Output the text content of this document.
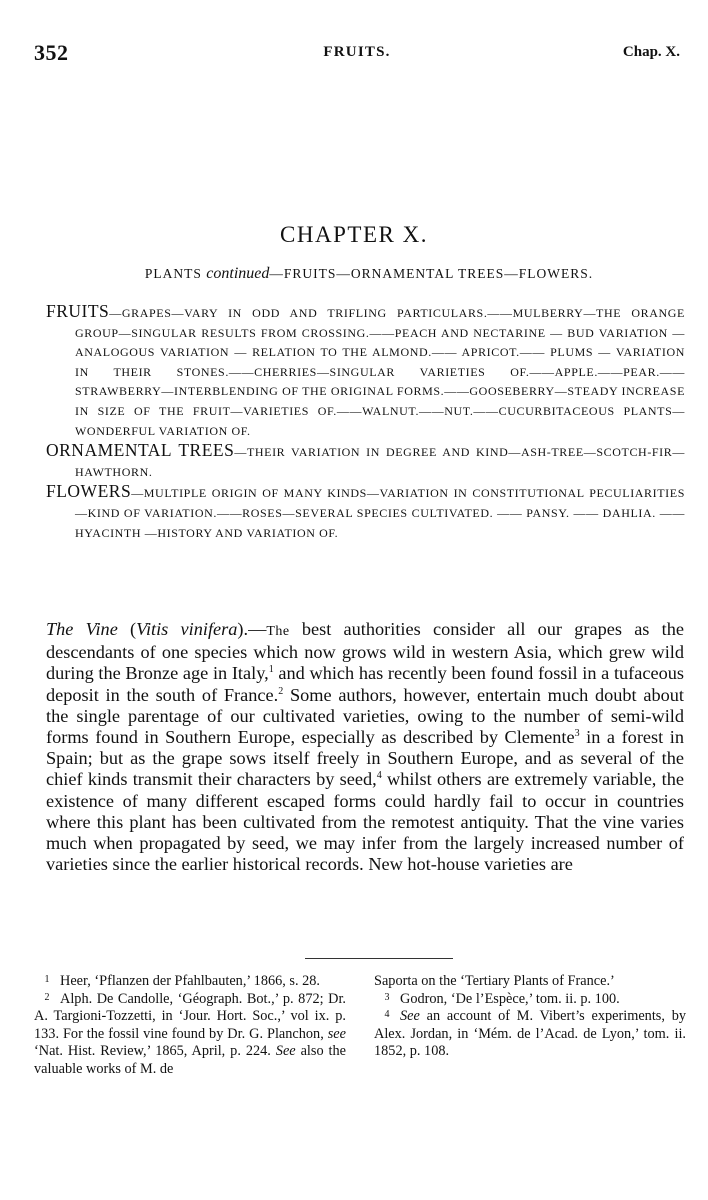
352	FRUITS.	Chap. X.
CHAPTER X.
PLANTS continued—FRUITS—ORNAMENTAL TREES—FLOWERS.
FRUITS—GRAPES—VARY IN ODD AND TRIFLING PARTICULARS.——MULBERRY—THE ORANGE GROUP—SINGULAR RESULTS FROM CROSSING.——PEACH AND NECTARINE — BUD VARIATION — ANALOGOUS VARIATION — RELATION TO THE ALMOND.—— APRICOT.—— PLUMS — VARIATION IN THEIR STONES.——CHERRIES—SINGULAR VARIETIES OF.——APPLE.——PEAR.——STRAWBERRY—INTERBLENDING OF THE ORIGINAL FORMS.——GOOSEBERRY—STEADY INCREASE IN SIZE OF THE FRUIT—VARIETIES OF.——WALNUT.——NUT.——CUCURBITACEOUS PLANTS—WONDERFUL VARIATION OF.
ORNAMENTAL TREES—THEIR VARIATION IN DEGREE AND KIND—ASH-TREE—SCOTCH-FIR—HAWTHORN.
FLOWERS—MULTIPLE ORIGIN OF MANY KINDS—VARIATION IN CONSTITUTIONAL PECULIARITIES—KIND OF VARIATION.——ROSES—SEVERAL SPECIES CULTIVATED. —— PANSY. —— DAHLIA. —— HYACINTH —HISTORY AND VARIATION OF.
The Vine (Vitis vinifera).—The best authorities consider all our grapes as the descendants of one species which now grows wild in western Asia, which grew wild during the Bronze age in Italy,$^1$ and which has recently been found fossil in a tufaceous deposit in the south of France.$^2$ Some authors, however, entertain much doubt about the single parentage of our cultivated varieties, owing to the number of semi-wild forms found in Southern Europe, especially as described by Clemente$^3$ in a forest in Spain; but as the grape sows itself freely in Southern Europe, and as several of the chief kinds transmit their characters by seed,$^4$ whilst others are extremely variable, the existence of many different escaped forms could hardly fail to occur in countries where this plant has been cultivated from the remotest antiquity. That the vine varies much when propagated by seed, we may infer from the largely increased number of varieties since the earlier historical records. New hot-house varieties are

1 Heer, ‘Pflanzen der Pfahlbauten,’ 1866, s. 28.

2 Alph. De Candolle, ‘Géograph. Bot.,’ p. 872; Dr. A. Targioni-Tozzetti, in ‘Jour. Hort. Soc.,’ vol ix. p. 133. For the fossil vine found by Dr. G. Planchon, see ‘Nat. Hist. Review,’ 1865, April, p. 224. See also the valuable works of M. de

Saporta on the ‘Tertiary Plants of France.’

3 Godron, ‘De l’Espèce,’ tom. ii. p. 100.

4 See an account of M. Vibert’s experiments, by Alex. Jordan, in ‘Mém. de l’Acad. de Lyon,’ tom. ii. 1852, p. 108.
